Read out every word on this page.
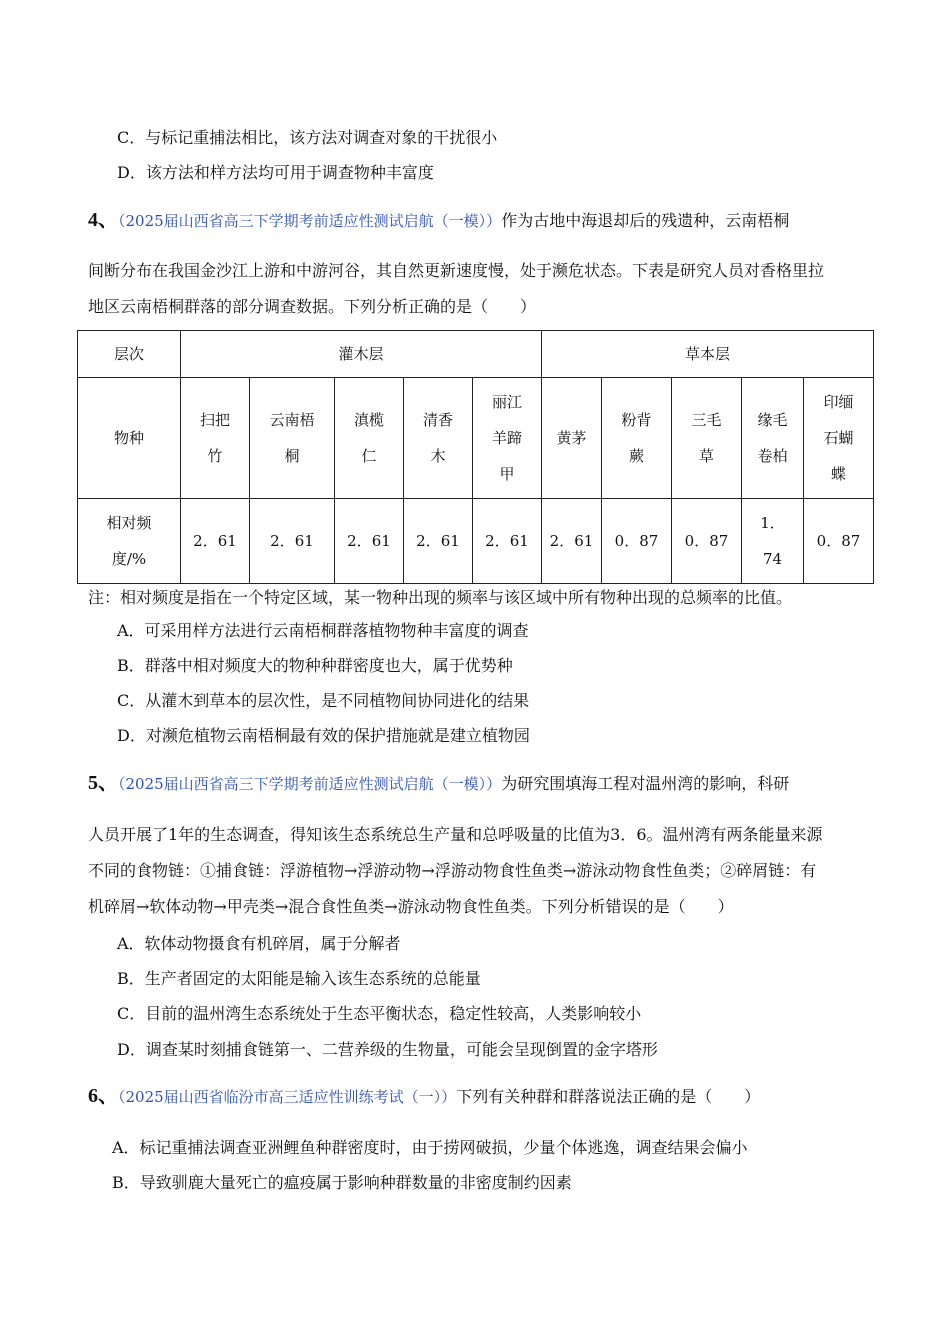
C．与标记重捕法相比，该方法对调查对象的干扰很小
D．该方法和样方法均可用于调查物种丰富度
4、（2025届山西省高三下学期考前适应性测试启航（一模））作为古地中海退却后的残遗种，云南梧桐
间断分布在我国金沙江上游和中游河谷，其自然更新速度慢，处于濒危状态。下表是研究人员对香格里拉
地区云南梧桐群落的部分调查数据。下列分析正确的是（　　）
层次	灌木层					草本层				
物种	扫把竹	云南梧桐	滇榄仁	清香木	丽江羊蹄甲	黄茅	粉背蕨	三毛草	缘毛卷柏	印缅石蝴蝶
相对频度/%	2．61	2．61	2．61	2．61	2．61	2．61	0．87	0．87	1．74	0．87
注：相对频度是指在一个特定区域，某一物种出现的频率与该区域中所有物种出现的总频率的比值。
A．可采用样方法进行云南梧桐群落植物物种丰富度的调查
B．群落中相对频度大的物种种群密度也大，属于优势种
C．从灌木到草本的层次性，是不同植物间协同进化的结果
D．对濒危植物云南梧桐最有效的保护措施就是建立植物园
5、（2025届山西省高三下学期考前适应性测试启航（一模））为研究围填海工程对温州湾的影响，科研
人员开展了1年的生态调查，得知该生态系统总生产量和总呼吸量的比值为3．6。温州湾有两条能量来源
不同的食物链：①捕食链：浮游植物→浮游动物→浮游动物食性鱼类→游泳动物食性鱼类；②碎屑链：有
机碎屑→软体动物→甲壳类→混合食性鱼类→游泳动物食性鱼类。下列分析错误的是（　　）
A．软体动物摄食有机碎屑，属于分解者
B．生产者固定的太阳能是输入该生态系统的总能量
C．目前的温州湾生态系统处于生态平衡状态，稳定性较高，人类影响较小
D．调查某时刻捕食链第一、二营养级的生物量，可能会呈现倒置的金字塔形
6、（2025届山西省临汾市高三适应性训练考试（一））下列有关种群和群落说法正确的是（　　）
A．标记重捕法调查亚洲鲤鱼种群密度时，由于捞网破损，少量个体逃逸，调查结果会偏小
B．导致驯鹿大量死亡的瘟疫属于影响种群数量的非密度制约因素
